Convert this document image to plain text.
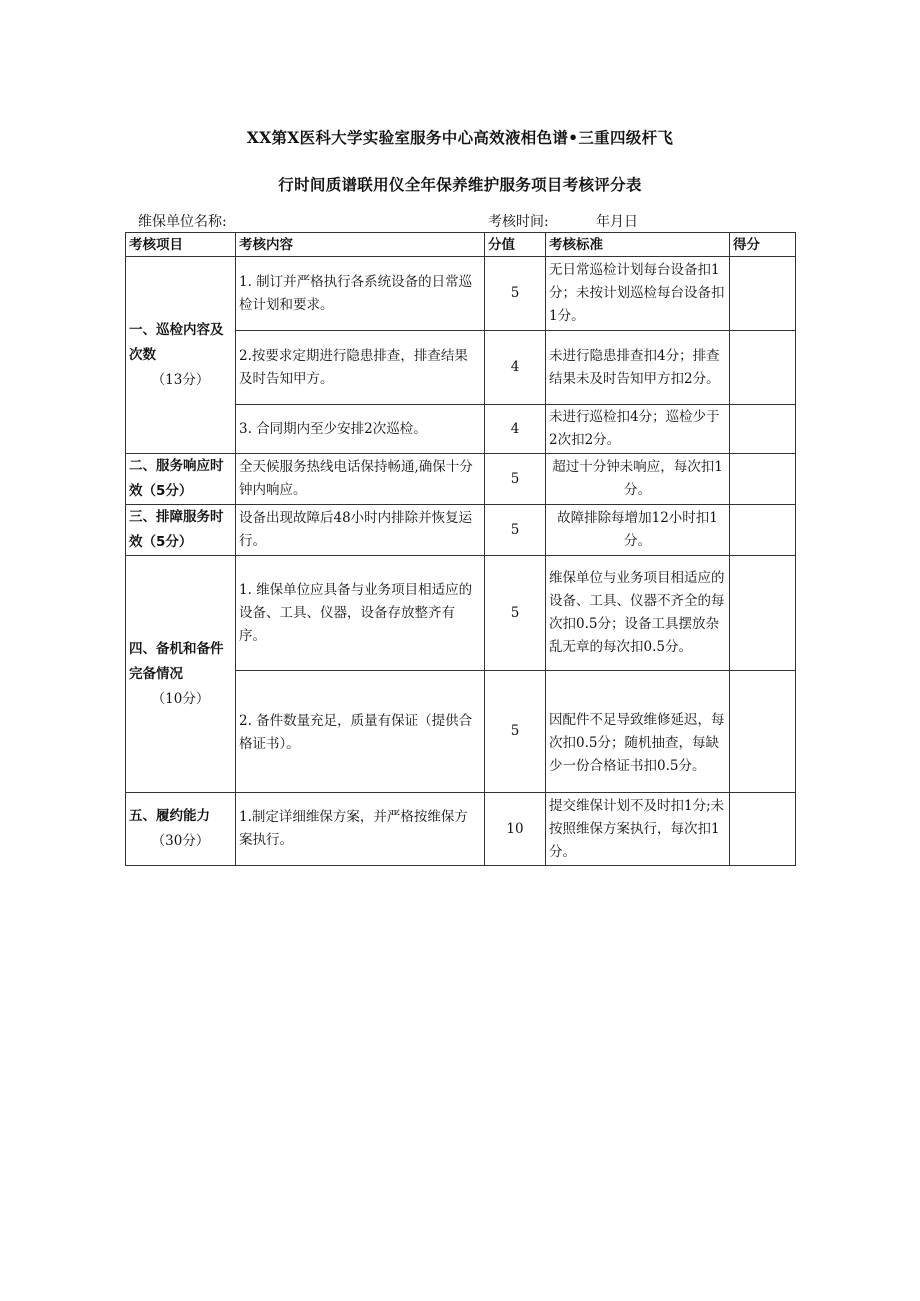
XX第X医科大学实验室服务中心高效液相色谱•三重四级杆飞
行时间质谱联用仪全年保养维护服务项目考核评分表
维保单位名称:	考核时间:	年月日
考核项目	考核内容	分值	考核标准	得分
一、巡检内容及次数
（13分）	1. 制订并严格执行各系统设备的日常巡检计划和要求。	5	无日常巡检计划每台设备扣1分；未按计划巡检每台设备扣1分。	
	2.按要求定期进行隐患排查，排查结果及时告知甲方。	4	未进行隐患排查扣4分；排查结果未及时告知甲方扣2分。	
	3. 合同期内至少安排2次巡检。	4	未进行巡检扣4分；巡检少于2次扣2分。	
二、服务响应时效（5分）	全天候服务热线电话保持畅通,确保十分钟内响应。	5	超过十分钟未响应，每次扣1分。	
三、排障服务时效（5分）	设备出现故障后48小时内排除并恢复运行。	5	故障排除每增加12小时扣1分。	
四、备机和备件完备情况
（10分）	1. 维保单位应具备与业务项目相适应的设备、工具、仪器，设备存放整齐有序。	5	维保单位与业务项目相适应的设备、工具、仪器不齐全的每次扣0.5分；设备工具摆放杂乱无章的每次扣0.5分。	
	2. 备件数量充足，质量有保证（提供合格证书）。	5	因配件不足导致维修延迟，每次扣0.5分；随机抽查，每缺少一份合格证书扣0.5分。	
五、履约能力
（30分）	1.制定详细维保方案，并严格按维保方案执行。	10	提交维保计划不及时扣1分;未按照维保方案执行，每次扣1分。	
